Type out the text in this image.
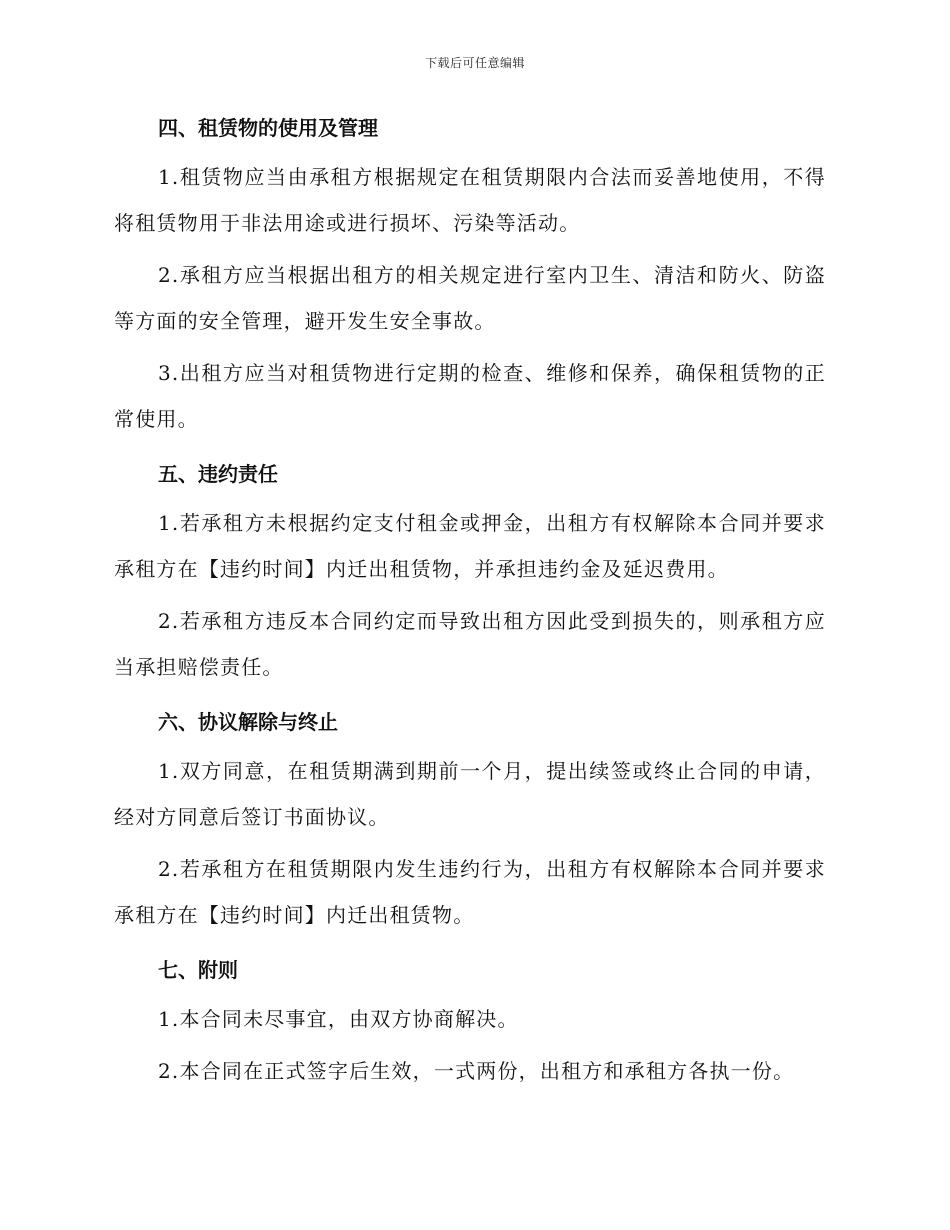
下载后可任意编辑
四、租赁物的使用及管理

1.租赁物应当由承租方根据规定在租赁期限内合法而妥善地使用，不得将租赁物用于非法用途或进行损坏、污染等活动。

2.承租方应当根据出租方的相关规定进行室内卫生、清洁和防火、防盗等方面的安全管理，避开发生安全事故。

3.出租方应当对租赁物进行定期的检查、维修和保养，确保租赁物的正常使用。

五、违约责任

1.若承租方未根据约定支付租金或押金，出租方有权解除本合同并要求承租方在【违约时间】内迁出租赁物，并承担违约金及延迟费用。

2.若承租方违反本合同约定而导致出租方因此受到损失的，则承租方应当承担赔偿责任。

六、协议解除与终止

1.双方同意，在租赁期满到期前一个月，提出续签或终止合同的申请，经对方同意后签订书面协议。

2.若承租方在租赁期限内发生违约行为，出租方有权解除本合同并要求承租方在【违约时间】内迁出租赁物。

七、附则

1.本合同未尽事宜，由双方协商解决。

2.本合同在正式签字后生效，一式两份，出租方和承租方各执一份。
